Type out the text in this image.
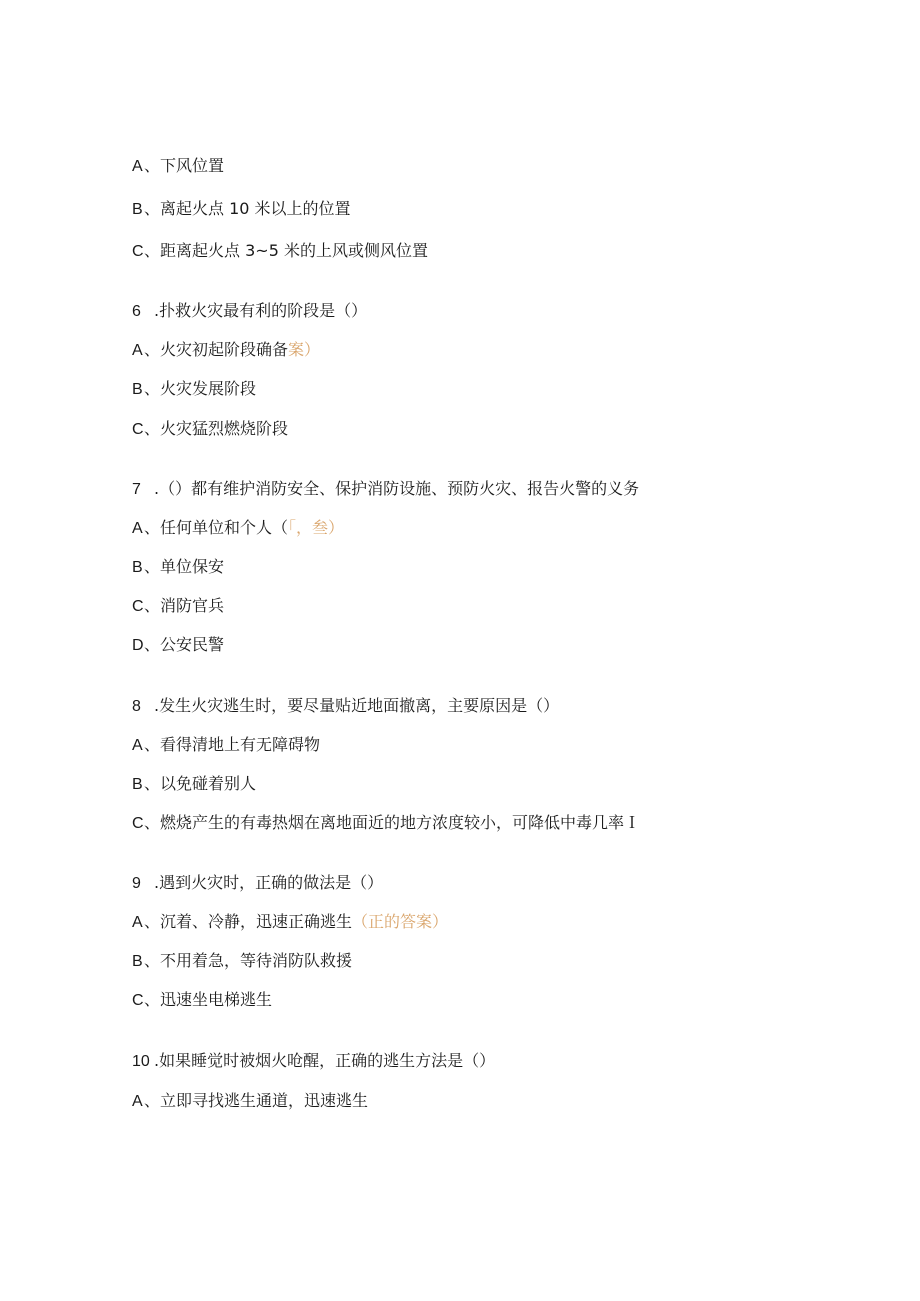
A、下风位置
B、离起火点 10 米以上的位置
C、距离起火点 3~5 米的上风或侧风位置
6 .扑救火灾最有利的阶段是（）
A、火灾初起阶段确备案）
B、火灾发展阶段
C、火灾猛烈燃烧阶段
7 .（）都有维护消防安全、保护消防设施、预防火灾、报告火警的义务
A、任何单位和个人（「，叁）
B、单位保安
C、消防官兵
D、公安民警
8 .发生火灾逃生时，要尽量贴近地面撤离，主要原因是（）
A、看得清地上有无障碍物
B、以免碰着别人
C、燃烧产生的有毒热烟在离地面近的地方浓度较小，可降低中毒几率Ｉ
9 .遇到火灾时，正确的做法是（）
A、沉着、冷静，迅速正确逃生（正的答案）
B、不用着急，等待消防队救援
C、迅速坐电梯逃生
10 .如果睡觉时被烟火呛醒，正确的逃生方法是（）
A、立即寻找逃生通道，迅速逃生
